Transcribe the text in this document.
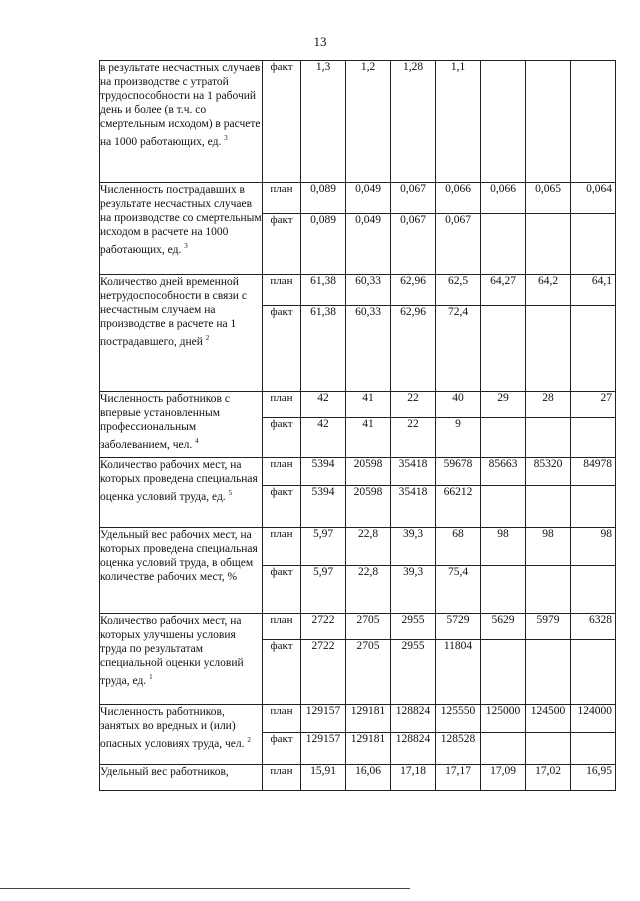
13
в результате несчастных случаев на производстве с утратой трудоспособности на 1 рабочий день и более (в т.ч. со смертельным исходом) в расчете на 1000 работающих, ед. $^3$	факт	1,3	1,2	1,28	1,1			
Численность пострадавших в результате несчастных случаев на производстве со смертельным исходом в расчете на 1000 работающих, ед. $^3$	план	0,089	0,049	0,067	0,066	0,066	0,065	0,064
	факт	0,089	0,049	0,067	0,067			
Количество дней временной нетрудоспособности в связи с несчастным случаем на производстве в расчете на 1 пострадавшего, дней $^2$	план	61,38	60,33	62,96	62,5	64,27	64,2	64,1
	факт	61,38	60,33	62,96	72,4			
Численность работников с впервые установленным профессиональным заболеванием, чел. $^4$	план	42	41	22	40	29	28	27
	факт	42	41	22	9			
Количество рабочих мест, на которых проведена специальная оценка условий труда, ед. $^5$	план	5394	20598	35418	59678	85663	85320	84978
	факт	5394	20598	35418	66212			
Удельный вес рабочих мест, на которых проведена специальная оценка условий труда, в общем количестве рабочих мест, %	план	5,97	22,8	39,3	68	98	98	98
	факт	5,97	22,8	39,3	75,4			
Количество рабочих мест, на которых улучшены условия труда по результатам специальной оценки условий труда, ед. $^1$	план	2722	2705	2955	5729	5629	5979	6328
	факт	2722	2705	2955	11804			
Численность работников, занятых во вредных и (или) опасных условиях труда, чел. $^2$	план	129157	129181	128824	125550	125000	124500	124000
	факт	129157	129181	128824	128528			
Удельный вес работников,	план	15,91	16,06	17,18	17,17	17,09	17,02	16,95
